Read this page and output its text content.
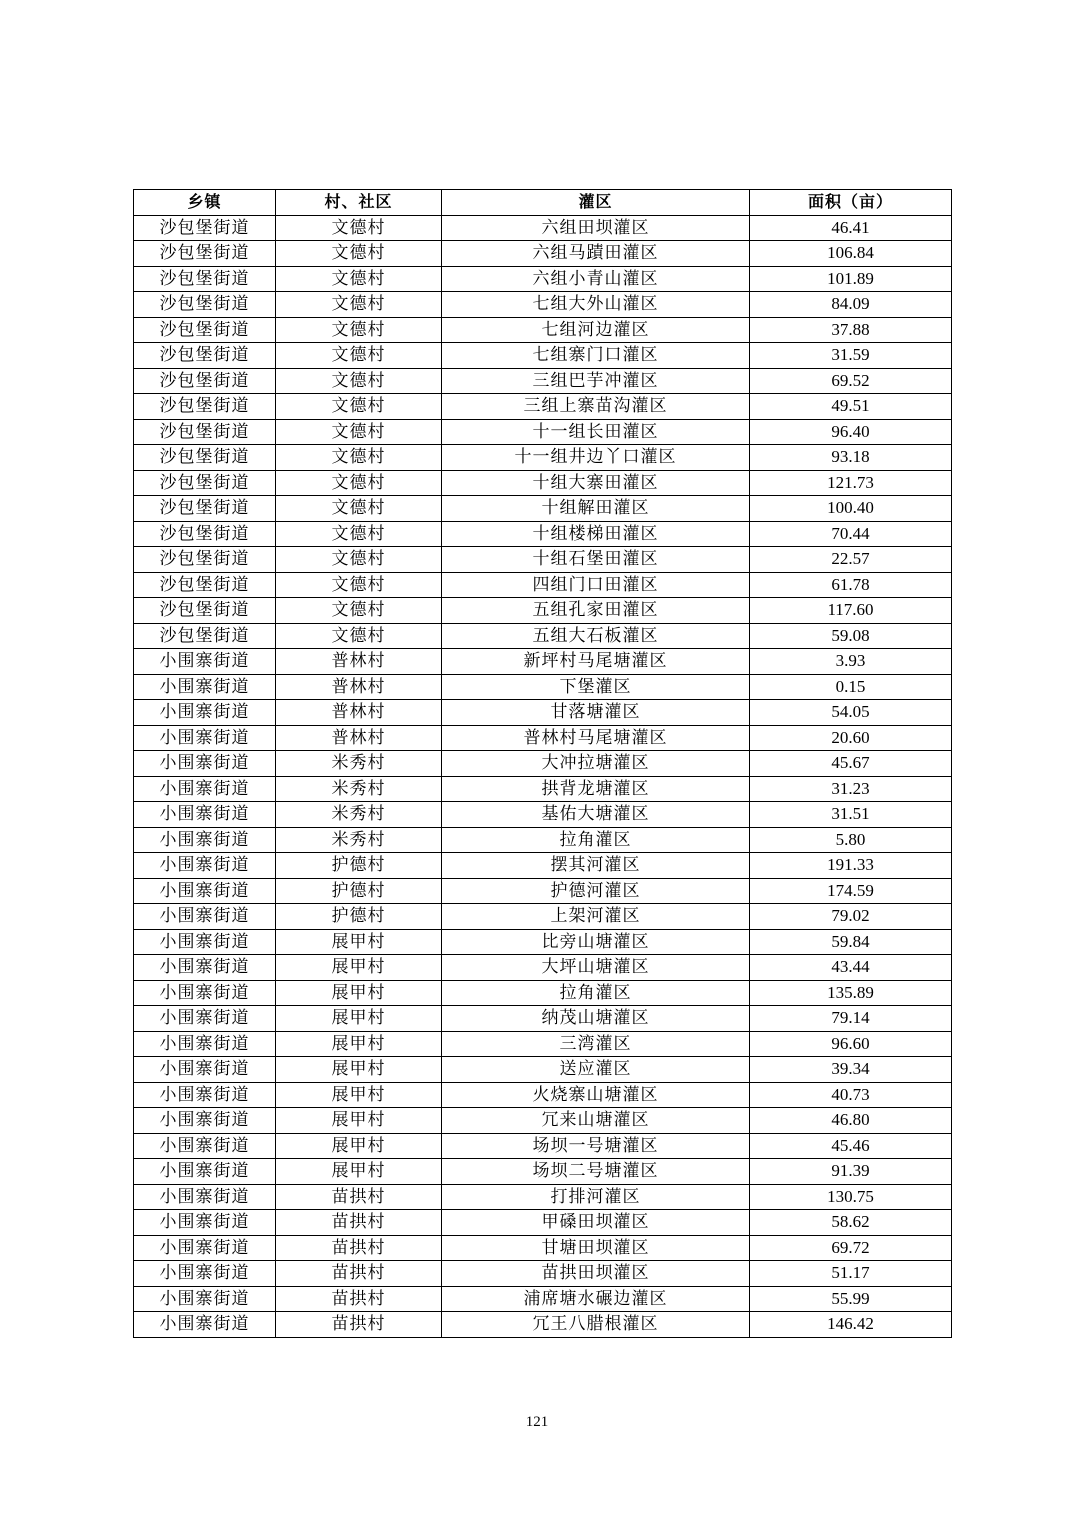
乡镇	村、社区	灌区	面积（亩）
沙包堡街道	文德村	六组田坝灌区	46.41
沙包堡街道	文德村	六组马蹟田灌区	106.84
沙包堡街道	文德村	六组小青山灌区	101.89
沙包堡街道	文德村	七组大外山灌区	84.09
沙包堡街道	文德村	七组河边灌区	37.88
沙包堡街道	文德村	七组寨门口灌区	31.59
沙包堡街道	文德村	三组巴芋冲灌区	69.52
沙包堡街道	文德村	三组上寨苗沟灌区	49.51
沙包堡街道	文德村	十一组长田灌区	96.40
沙包堡街道	文德村	十一组井边丫口灌区	93.18
沙包堡街道	文德村	十组大寨田灌区	121.73
沙包堡街道	文德村	十组解田灌区	100.40
沙包堡街道	文德村	十组楼梯田灌区	70.44
沙包堡街道	文德村	十组石堡田灌区	22.57
沙包堡街道	文德村	四组门口田灌区	61.78
沙包堡街道	文德村	五组孔家田灌区	117.60
沙包堡街道	文德村	五组大石板灌区	59.08
小围寨街道	普林村	新坪村马尾塘灌区	3.93
小围寨街道	普林村	下堡灌区	0.15
小围寨街道	普林村	甘落塘灌区	54.05
小围寨街道	普林村	普林村马尾塘灌区	20.60
小围寨街道	米秀村	大冲拉塘灌区	45.67
小围寨街道	米秀村	拱背龙塘灌区	31.23
小围寨街道	米秀村	基佑大塘灌区	31.51
小围寨街道	米秀村	拉角灌区	5.80
小围寨街道	护德村	摆其河灌区	191.33
小围寨街道	护德村	护德河灌区	174.59
小围寨街道	护德村	上架河灌区	79.02
小围寨街道	展甲村	比旁山塘灌区	59.84
小围寨街道	展甲村	大坪山塘灌区	43.44
小围寨街道	展甲村	拉角灌区	135.89
小围寨街道	展甲村	纳茂山塘灌区	79.14
小围寨街道	展甲村	三湾灌区	96.60
小围寨街道	展甲村	送应灌区	39.34
小围寨街道	展甲村	火烧寨山塘灌区	40.73
小围寨街道	展甲村	冗来山塘灌区	46.80
小围寨街道	展甲村	场坝一号塘灌区	45.46
小围寨街道	展甲村	场坝二号塘灌区	91.39
小围寨街道	苗拱村	打排河灌区	130.75
小围寨街道	苗拱村	甲磉田坝灌区	58.62
小围寨街道	苗拱村	甘塘田坝灌区	69.72
小围寨街道	苗拱村	苗拱田坝灌区	51.17
小围寨街道	苗拱村	浦席塘水碾边灌区	55.99
小围寨街道	苗拱村	冗王八腊根灌区	146.42
121
